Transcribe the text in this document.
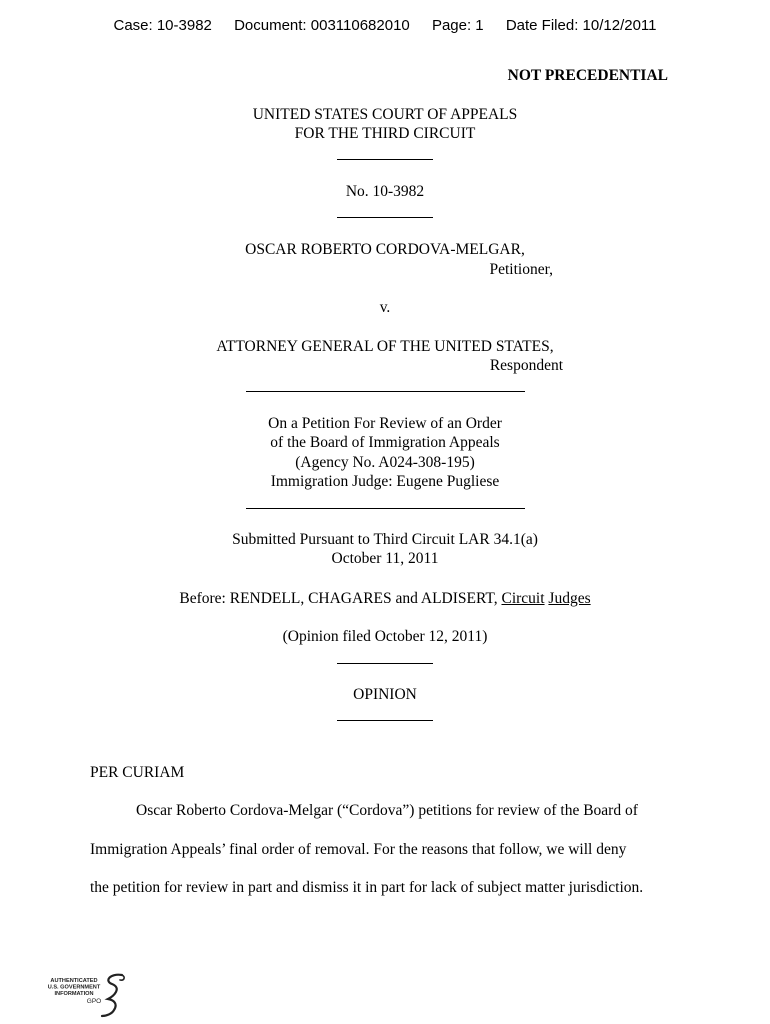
Case: 10-3982 Document: 003110682010 Page: 1 Date Filed: 10/12/2011
NOT PRECEDENTIAL
UNITED STATES COURT OF APPEALS
FOR THE THIRD CIRCUIT
No. 10-3982
OSCAR ROBERTO CORDOVA-MELGAR,
Petitioner,
v.
ATTORNEY GENERAL OF THE UNITED STATES,
Respondent
On a Petition For Review of an Order
of the Board of Immigration Appeals
(Agency No. A024-308-195)
Immigration Judge: Eugene Pugliese
Submitted Pursuant to Third Circuit LAR 34.1(a)
October 11, 2011
Before: RENDELL, CHAGARES and ALDISERT, Circuit Judges
(Opinion filed October 12, 2011)
OPINION
PER CURIAM
Oscar Roberto Cordova-Melgar (“Cordova”) petitions for review of the Board of
Immigration Appeals’ final order of removal. For the reasons that follow, we will deny
the petition for review in part and dismiss it in part for lack of subject matter jurisdiction.
AUTHENTICATED
U.S. GOVERNMENT
INFORMATION
GPO
